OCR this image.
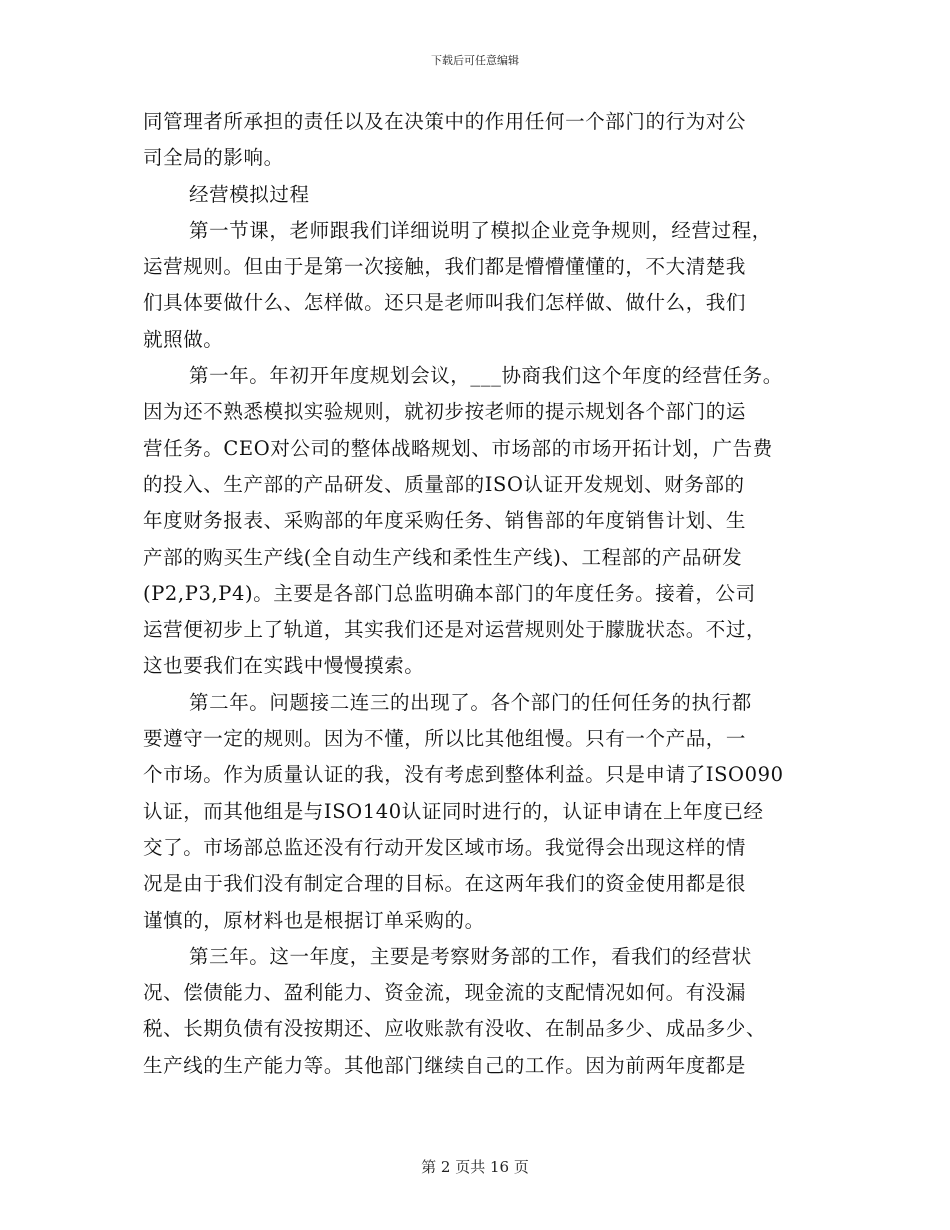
下载后可任意编辑
同管理者所承担的责任以及在决策中的作用任何一个部门的行为对公
司全局的影响。
经营模拟过程
第一节课，老师跟我们详细说明了模拟企业竞争规则，经营过程，
运营规则。但由于是第一次接触，我们都是懵懵懂懂的，不大清楚我
们具体要做什么、怎样做。还只是老师叫我们怎样做、做什么，我们
就照做。
第一年。年初开年度规划会议，___协商我们这个年度的经营任务。
因为还不熟悉模拟实验规则，就初步按老师的提示规划各个部门的运
营任务。CEO对公司的整体战略规划、市场部的市场开拓计划，广告费
的投入、生产部的产品研发、质量部的ISO认证开发规划、财务部的
年度财务报表、采购部的年度采购任务、销售部的年度销售计划、生
产部的购买生产线(全自动生产线和柔性生产线)、工程部的产品研发
(P2,P3,P4)。主要是各部门总监明确本部门的年度任务。接着，公司
运营便初步上了轨道，其实我们还是对运营规则处于朦胧状态。不过，
这也要我们在实践中慢慢摸索。
第二年。问题接二连三的出现了。各个部门的任何任务的执行都
要遵守一定的规则。因为不懂，所以比其他组慢。只有一个产品，一
个市场。作为质量认证的我，没有考虑到整体利益。只是申请了ISO090
认证，而其他组是与ISO140认证同时进行的，认证申请在上年度已经
交了。市场部总监还没有行动开发区域市场。我觉得会出现这样的情
况是由于我们没有制定合理的目标。在这两年我们的资金使用都是很
谨慎的，原材料也是根据订单采购的。
第三年。这一年度，主要是考察财务部的工作，看我们的经营状
况、偿债能力、盈利能力、资金流，现金流的支配情况如何。有没漏
税、长期负债有没按期还、应收账款有没收、在制品多少、成品多少、
生产线的生产能力等。其他部门继续自己的工作。因为前两年度都是
第 2 页共 16 页
